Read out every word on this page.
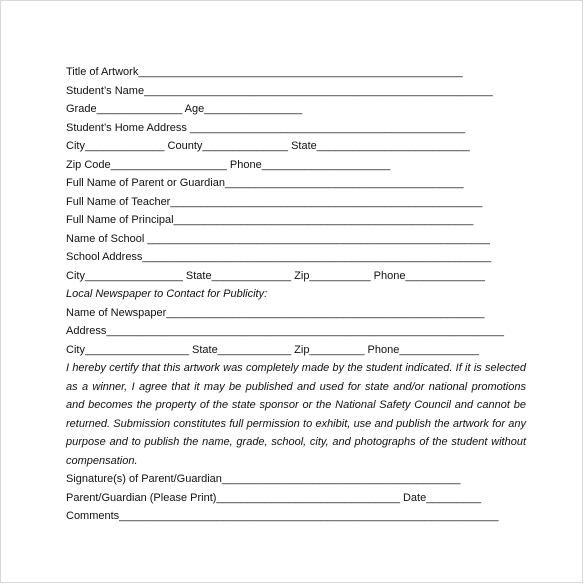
Title of Artwork_____________________________________________________
Student’s Name_________________________________________________________
Grade______________ Age________________
Student’s Home Address _____________________________________________
City_____________ County______________ State_________________________
Zip Code___________________ Phone_____________________
Full Name of Parent or Guardian_______________________________________
Full Name of Teacher___________________________________________________
Full Name of Principal_________________________________________________
Name of School ________________________________________________________
School Address_________________________________________________________
City________________ State_____________ Zip__________ Phone_____________
Local Newspaper to Contact for Publicity:
Name of Newspaper____________________________________________________
Address_________________________________________________________________
City_________________ State____________ Zip_________ Phone_____________

I hereby certify that this artwork was completely made by the student indicated. If it is selected as a winner, I agree that it may be published and used for state and/or national promotions and becomes the property of the state sponsor or the National Safety Council and cannot be returned. Submission constitutes full permission to exhibit, use and publish the artwork for any purpose and to publish the name, grade, school, city, and photographs of the student without compensation.

Signature(s) of Parent/Guardian_______________________________________
Parent/Guardian (Please Print)______________________________ Date_________
Comments______________________________________________________________
